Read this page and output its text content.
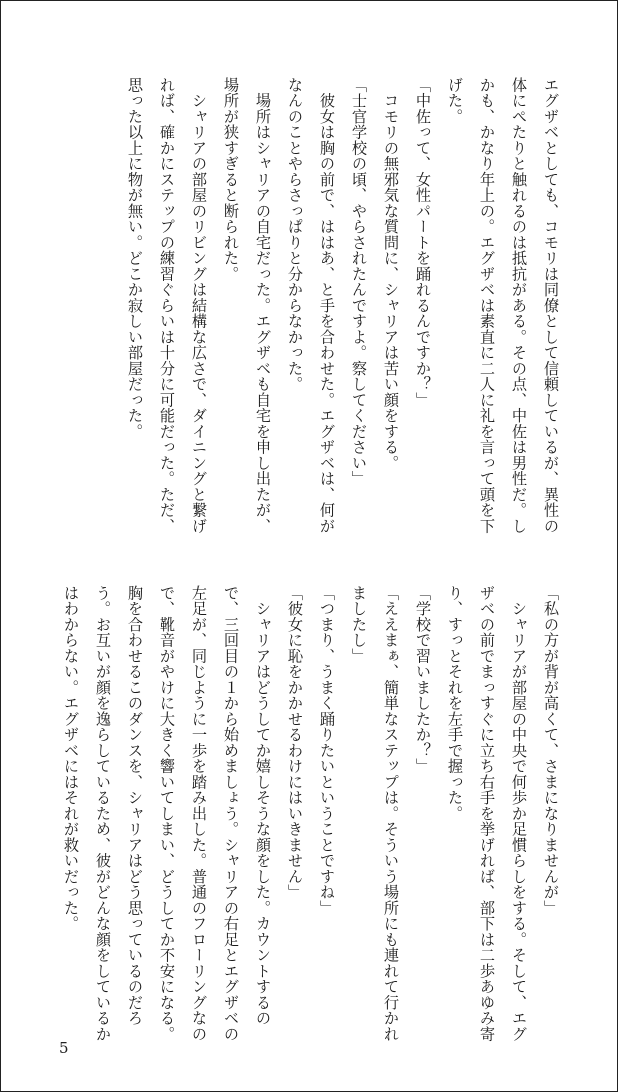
エグザベとしても、コモリは同僚として信頼しているが、異性の体にぺたりと触れるのは抵抗がある。その点、中佐は男性だ。しかも、かなり年上の。エグザベは素直に二人に礼を言って頭を下げた。

「中佐って、女性パートを踊れるんですか？」

　コモリの無邪気な質問に、シャリアは苦い顔をする。

「士官学校の頃、やらされたんですよ。察してください」

　彼女は胸の前で、ははあ、と手を合わせた。エグザベは、何がなんのことやらさっぱりと分からなかった。

　場所はシャリアの自宅だった。エグザベも自宅を申し出たが、場所が狭すぎると断られた。

　シャリアの部屋のリビングは結構な広さで、ダイニングと繋げれば、確かにステップの練習ぐらいは十分に可能だった。ただ、思った以上に物が無い。どこか寂しい部屋だった。

「私の方が背が高くて、さまになりませんが」

　シャリアが部屋の中央で何歩か足慣らしをする。そして、エグザベの前でまっすぐに立ち右手を挙げれば、部下は二歩あゆみ寄り、すっとそれを左手で握った。

「学校で習いましたか？」

「ええまぁ、簡単なステップは。そういう場所にも連れて行かれましたし」

「つまり、うまく踊りたいということですね」

「彼女に恥をかかせるわけにはいきません」

　シャリアはどうしてか嬉しそうな顔をした。カウントするので、三回目の１から始めましょう。シャリアの右足とエグザベの左足が、同じように一歩を踏み出した。普通のフローリングなので、靴音がやけに大きく響いてしまい、どうしてか不安になる。胸を合わせるこのダンスを、シャリアはどう思っているのだろう。お互いが顔を逸らしているため、彼がどんな顔をしているかはわからない。エグザベにはそれが救いだった。

5
